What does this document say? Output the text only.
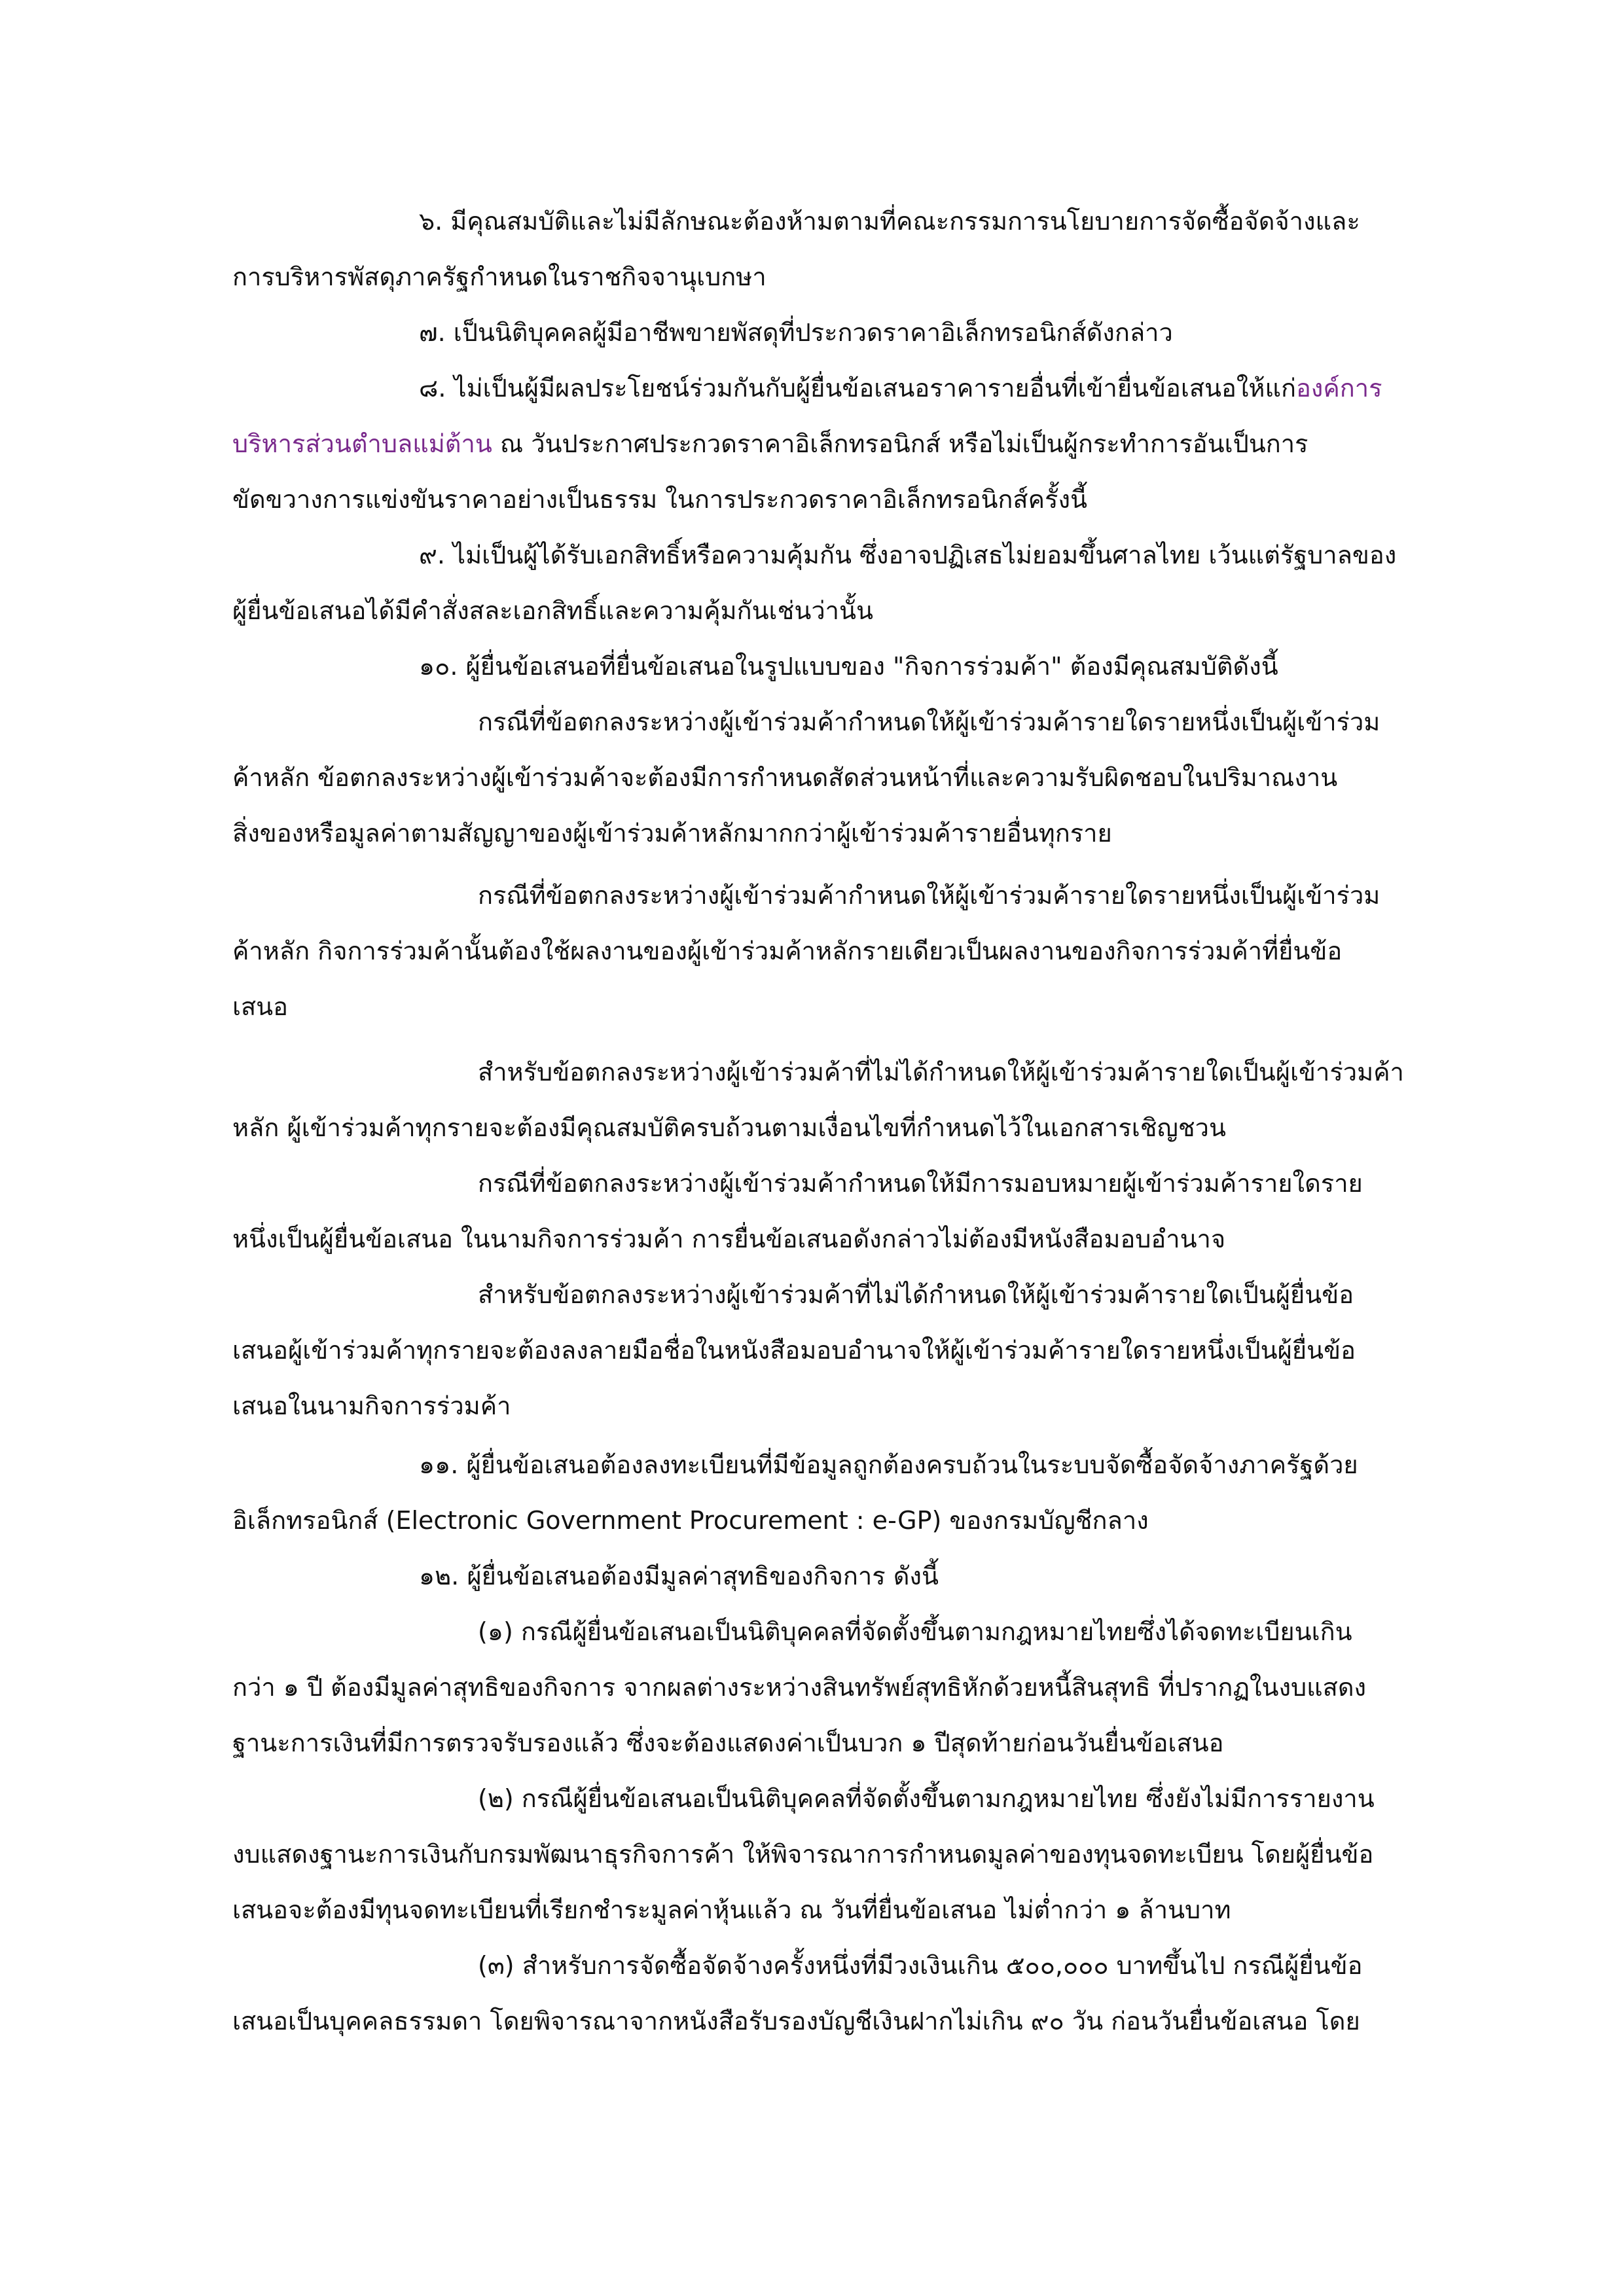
๖. มีคุณสมบัติและไม่มีลักษณะต้องห้ามตามที่คณะกรรมการนโยบายการจัดซื้อจัดจ้างและ
การบริหารพัสดุภาครัฐกำหนดในราชกิจจานุเบกษา
๗. เป็นนิติบุคคลผู้มีอาชีพขายพัสดุที่ประกวดราคาอิเล็กทรอนิกส์ดังกล่าว
๘. ไม่เป็นผู้มีผลประโยชน์ร่วมกันกับผู้ยื่นข้อเสนอราคารายอื่นที่เข้ายื่นข้อเสนอให้แก่องค์การ
บริหารส่วนตำบลแม่ต้าน ณ วันประกาศประกวดราคาอิเล็กทรอนิกส์ หรือไม่เป็นผู้กระทำการอันเป็นการ
ขัดขวางการแข่งขันราคาอย่างเป็นธรรม ในการประกวดราคาอิเล็กทรอนิกส์ครั้งนี้
๙. ไม่เป็นผู้ได้รับเอกสิทธิ์หรือความคุ้มกัน ซึ่งอาจปฏิเสธไม่ยอมขึ้นศาลไทย เว้นแต่รัฐบาลของ
ผู้ยื่นข้อเสนอได้มีคำสั่งสละเอกสิทธิ์และความคุ้มกันเช่นว่านั้น
๑๐. ผู้ยื่นข้อเสนอที่ยื่นข้อเสนอในรูปแบบของ "กิจการร่วมค้า" ต้องมีคุณสมบัติดังนี้
กรณีที่ข้อตกลงระหว่างผู้เข้าร่วมค้ากำหนดให้ผู้เข้าร่วมค้ารายใดรายหนึ่งเป็นผู้เข้าร่วม
ค้าหลัก ข้อตกลงระหว่างผู้เข้าร่วมค้าจะต้องมีการกำหนดสัดส่วนหน้าที่และความรับผิดชอบในปริมาณงาน
สิ่งของหรือมูลค่าตามสัญญาของผู้เข้าร่วมค้าหลักมากกว่าผู้เข้าร่วมค้ารายอื่นทุกราย
กรณีที่ข้อตกลงระหว่างผู้เข้าร่วมค้ากำหนดให้ผู้เข้าร่วมค้ารายใดรายหนึ่งเป็นผู้เข้าร่วม
ค้าหลัก กิจการร่วมค้านั้นต้องใช้ผลงานของผู้เข้าร่วมค้าหลักรายเดียวเป็นผลงานของกิจการร่วมค้าที่ยื่นข้อ
เสนอ
สำหรับข้อตกลงระหว่างผู้เข้าร่วมค้าที่ไม่ได้กำหนดให้ผู้เข้าร่วมค้ารายใดเป็นผู้เข้าร่วมค้า
หลัก ผู้เข้าร่วมค้าทุกรายจะต้องมีคุณสมบัติครบถ้วนตามเงื่อนไขที่กำหนดไว้ในเอกสารเชิญชวน
กรณีที่ข้อตกลงระหว่างผู้เข้าร่วมค้ากำหนดให้มีการมอบหมายผู้เข้าร่วมค้ารายใดราย
หนึ่งเป็นผู้ยื่นข้อเสนอ ในนามกิจการร่วมค้า การยื่นข้อเสนอดังกล่าวไม่ต้องมีหนังสือมอบอำนาจ
สำหรับข้อตกลงระหว่างผู้เข้าร่วมค้าที่ไม่ได้กำหนดให้ผู้เข้าร่วมค้ารายใดเป็นผู้ยื่นข้อ
เสนอผู้เข้าร่วมค้าทุกรายจะต้องลงลายมือชื่อในหนังสือมอบอำนาจให้ผู้เข้าร่วมค้ารายใดรายหนึ่งเป็นผู้ยื่นข้อ
เสนอในนามกิจการร่วมค้า
๑๑. ผู้ยื่นข้อเสนอต้องลงทะเบียนที่มีข้อมูลถูกต้องครบถ้วนในระบบจัดซื้อจัดจ้างภาครัฐด้วย
อิเล็กทรอนิกส์ (Electronic Government Procurement : e-GP) ของกรมบัญชีกลาง
๑๒. ผู้ยื่นข้อเสนอต้องมีมูลค่าสุทธิของกิจการ ดังนี้
(๑) กรณีผู้ยื่นข้อเสนอเป็นนิติบุคคลที่จัดตั้งขึ้นตามกฎหมายไทยซึ่งได้จดทะเบียนเกิน
กว่า ๑ ปี ต้องมีมูลค่าสุทธิของกิจการ จากผลต่างระหว่างสินทรัพย์สุทธิหักด้วยหนี้สินสุทธิ ที่ปรากฏในงบแสดง
ฐานะการเงินที่มีการตรวจรับรองแล้ว ซึ่งจะต้องแสดงค่าเป็นบวก ๑ ปีสุดท้ายก่อนวันยื่นข้อเสนอ
(๒) กรณีผู้ยื่นข้อเสนอเป็นนิติบุคคลที่จัดตั้งขึ้นตามกฎหมายไทย ซึ่งยังไม่มีการรายงาน
งบแสดงฐานะการเงินกับกรมพัฒนาธุรกิจการค้า ให้พิจารณาการกำหนดมูลค่าของทุนจดทะเบียน โดยผู้ยื่นข้อ
เสนอจะต้องมีทุนจดทะเบียนที่เรียกชำระมูลค่าหุ้นแล้ว ณ วันที่ยื่นข้อเสนอ ไม่ต่ำกว่า ๑ ล้านบาท
(๓) สำหรับการจัดซื้อจัดจ้างครั้งหนึ่งที่มีวงเงินเกิน ๕๐๐,๐๐๐ บาทขึ้นไป กรณีผู้ยื่นข้อ
เสนอเป็นบุคคลธรรมดา โดยพิจารณาจากหนังสือรับรองบัญชีเงินฝากไม่เกิน ๙๐ วัน ก่อนวันยื่นข้อเสนอ โดย
